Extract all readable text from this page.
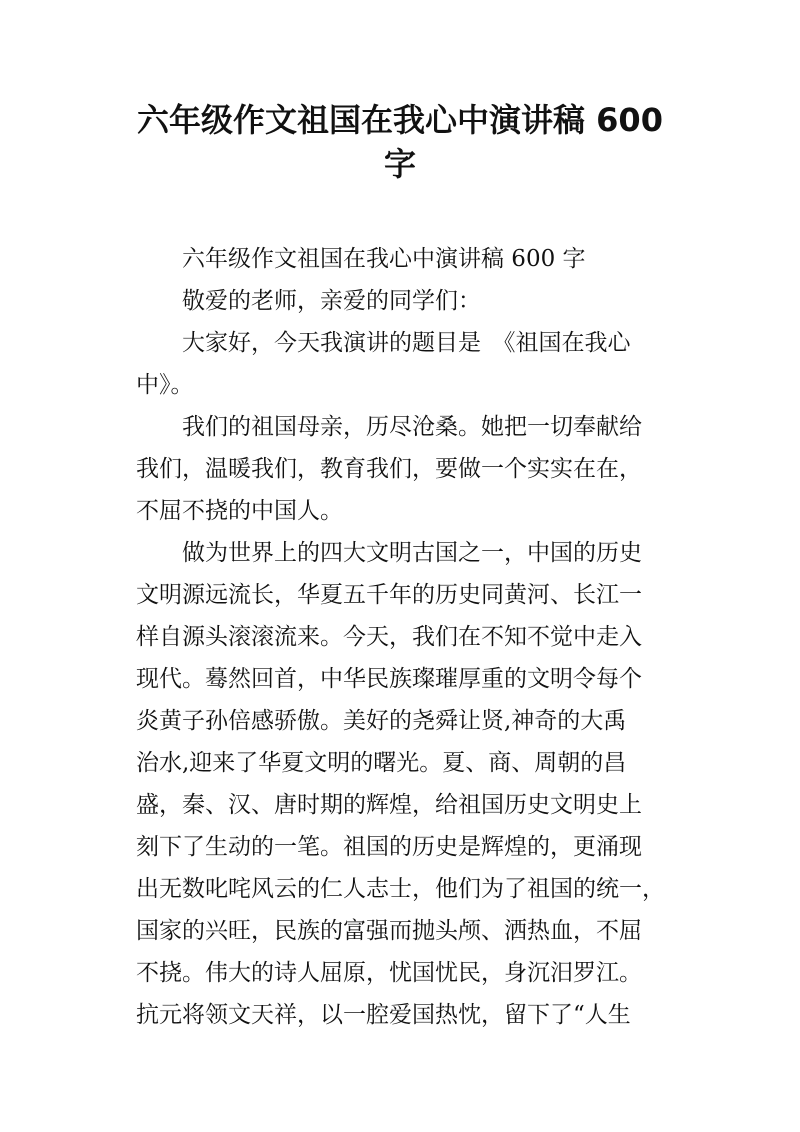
六年级作文祖国在我心中演讲稿 600
字
六年级作文祖国在我心中演讲稿 600 字
敬爱的老师，亲爱的同学们：
大家好，今天我演讲的题目是　《祖国在我心
中》。
我们的祖国母亲，历尽沧桑。她把一切奉献给
我们，温暖我们，教育我们，要做一个实实在在，
不屈不挠的中国人。
做为世界上的四大文明古国之一，中国的历史
文明源远流长，华夏五千年的历史同黄河、长江一
样自源头滚滚流来。今天，我们在不知不觉中走入
现代。蓦然回首，中华民族璨璀厚重的文明令每个
炎黄子孙倍感骄傲。美好的尧舜让贤,神奇的大禹
治水,迎来了华夏文明的曙光。夏、商、周朝的昌
盛，秦、汉、唐时期的辉煌，给祖国历史文明史上
刻下了生动的一笔。祖国的历史是辉煌的，更涌现
出无数叱咤风云的仁人志士，他们为了祖国的统一，
国家的兴旺，民族的富强而抛头颅、洒热血，不屈
不挠。伟大的诗人屈原，忧国忧民，身沉汨罗江。
抗元将领文天祥，以一腔爱国热忱，留下了“人生
